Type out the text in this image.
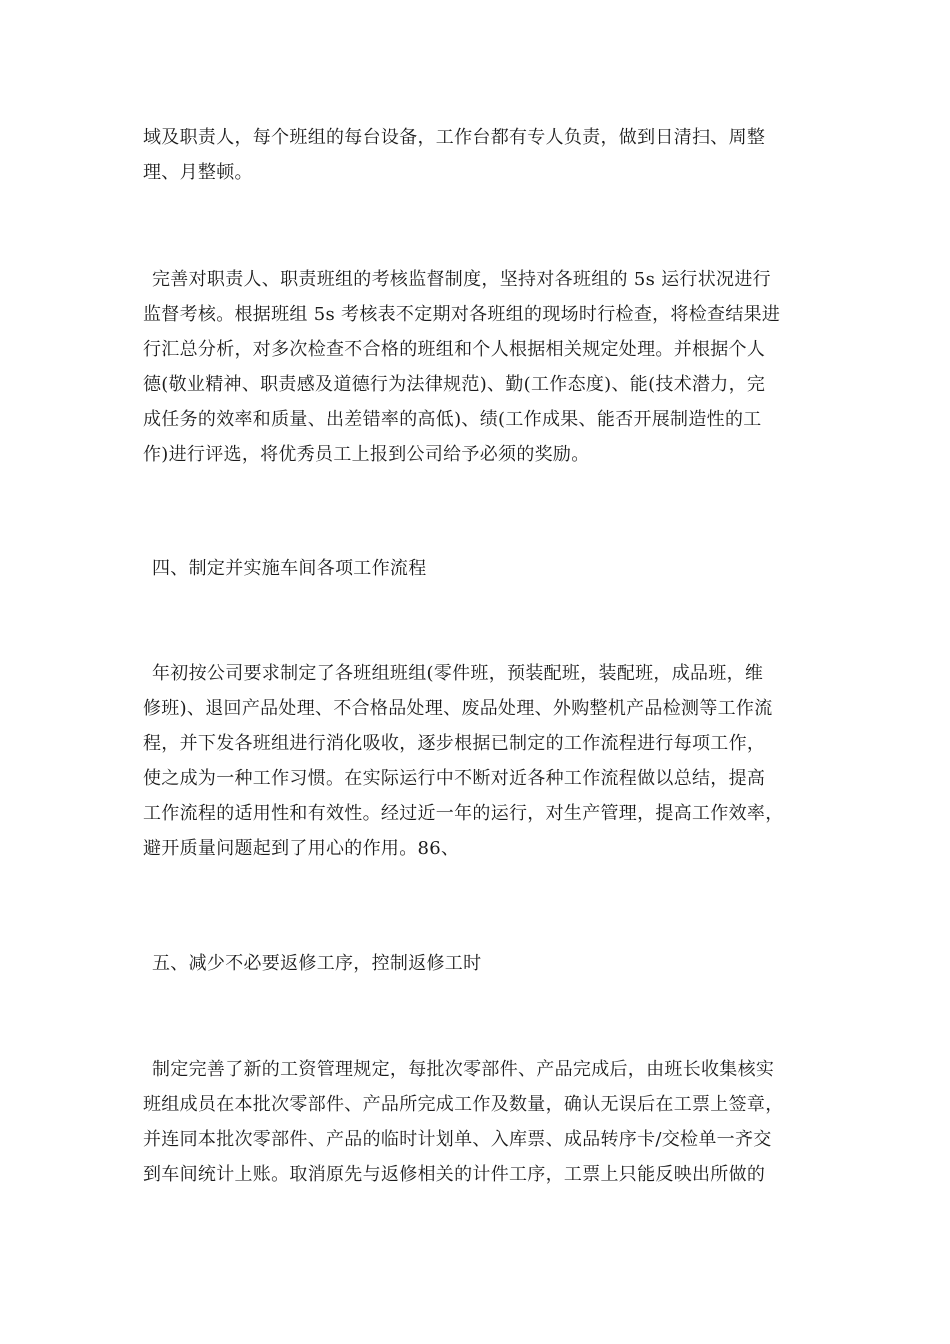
域及职责人，每个班组的每台设备，工作台都有专人负责，做到日清扫、周整
理、月整顿。
完善对职责人、职责班组的考核监督制度，坚持对各班组的 5s 运行状况进行
监督考核。根据班组 5s 考核表不定期对各班组的现场时行检查，将检查结果进
行汇总分析，对多次检查不合格的班组和个人根据相关规定处理。并根据个人
德(敬业精神、职责感及道德行为法律规范)、勤(工作态度)、能(技术潜力，完
成任务的效率和质量、出差错率的高低)、绩(工作成果、能否开展制造性的工
作)进行评选，将优秀员工上报到公司给予必须的奖励。
四、制定并实施车间各项工作流程
年初按公司要求制定了各班组班组(零件班，预装配班，装配班，成品班，维
修班)、退回产品处理、不合格品处理、废品处理、外购整机产品检测等工作流
程，并下发各班组进行消化吸收，逐步根据已制定的工作流程进行每项工作，
使之成为一种工作习惯。在实际运行中不断对近各种工作流程做以总结，提高
工作流程的适用性和有效性。经过近一年的运行，对生产管理，提高工作效率，
避开质量问题起到了用心的作用。86、
五、减少不必要返修工序，控制返修工时
制定完善了新的工资管理规定，每批次零部件、产品完成后，由班长收集核实
班组成员在本批次零部件、产品所完成工作及数量，确认无误后在工票上签章，
并连同本批次零部件、产品的临时计划单、入库票、成品转序卡/交检单一齐交
到车间统计上账。取消原先与返修相关的计件工序，工票上只能反映出所做的
